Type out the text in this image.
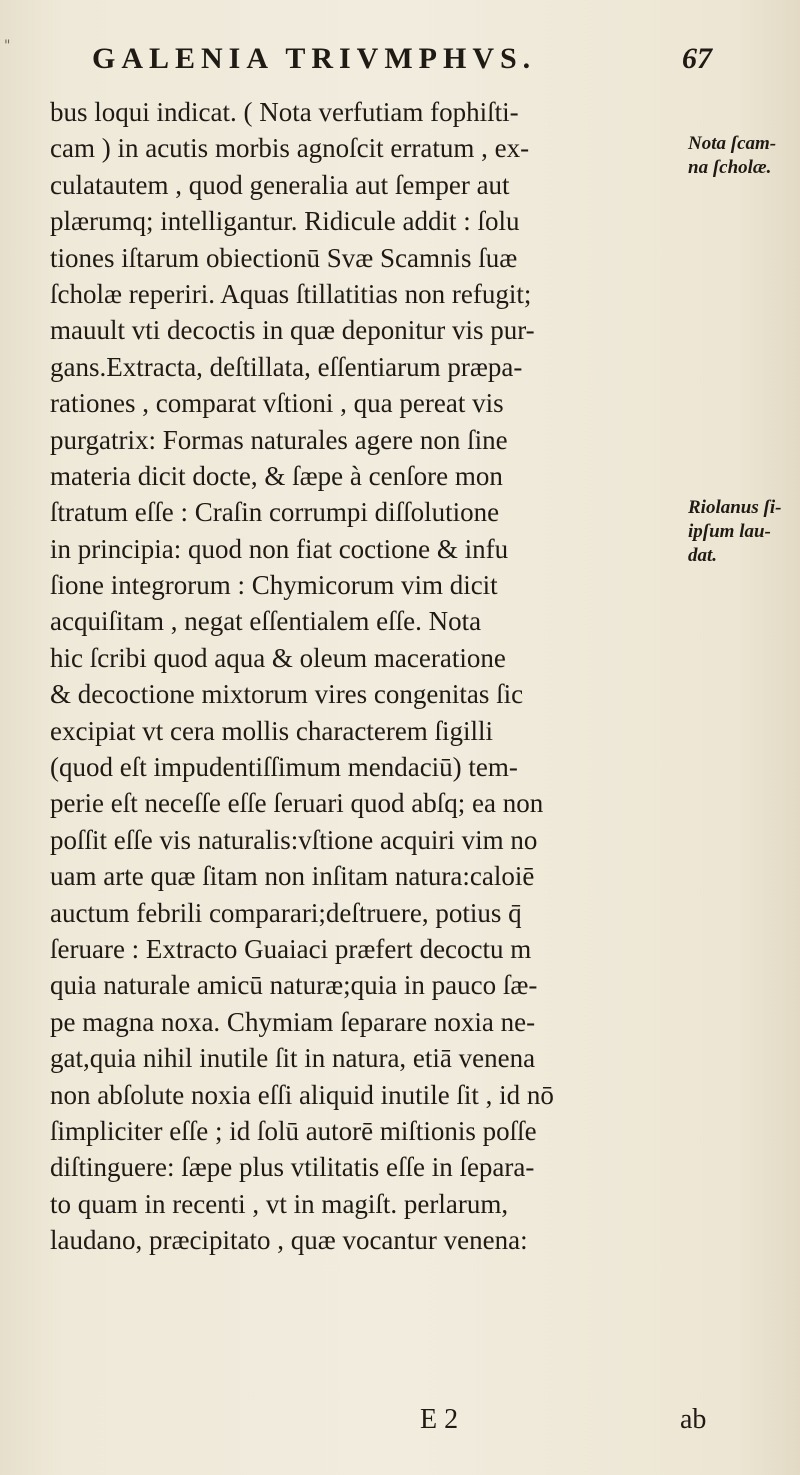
"	GALENIA TRIVMPHVS.	67
bus loqui indicat. ( Nota verfutiam fophiſti-
cam ) in acutis morbis agnoſcit erratum , ex-
culatautem , quod generalia aut ſemper aut
plærumq; intelligantur. Ridicule addit : ſolu
tiones iſtarum obiectionū Svæ Scamnis ſuæ
ſcholæ reperiri. Aquas ſtillatitias non refugit;
mauult vti decoctis in quæ deponitur vis pur-
gans.Extracta, deſtillata, eſſentiarum præpa-
rationes , comparat vſtioni , qua pereat vis
purgatrix: Formas naturales agere non ſine
materia dicit docte, & ſæpe à cenſore mon
ſtratum eſſe : Craſin corrumpi diſſolutione
in principia: quod non fiat coctione & infu
ſione integrorum : Chymicorum vim dicit
acquiſitam , negat eſſentialem eſſe. Nota
hic ſcribi quod aqua & oleum maceratione
& decoctione mixtorum vires congenitas ſic
excipiat vt cera mollis characterem ſigilli
(quod eſt impudentiſſimum mendaciū) tem-
perie eſt neceſſe eſſe ſeruari quod abſq; ea non
poſſit eſſe vis naturalis:vſtione acquiri vim no
uam arte quæ ſitam non inſitam natura:caloiē
auctum febrili comparari;deſtruere, potius q̄
ſeruare : Extracto Guaiaci præfert decoctu m
quia naturale amicū naturæ;quia in pauco ſæ-
pe magna noxa. Chymiam ſeparare noxia ne-
gat,quia nihil inutile ſit in natura, etiā venena
non abſolute noxia eſſi aliquid inutile ſit , id nō
ſimpliciter eſſe ; id ſolū autorē miſtionis poſſe
diſtinguere: ſæpe plus vtilitatis eſſe in ſepara-
to quam in recenti , vt in magiſt. perlarum,
laudano, præcipitato , quæ vocantur venena:
Nota ſcam-
na ſcholæ.
Riolanus ſi-
ipſum lau-
dat.
E 2	ab
